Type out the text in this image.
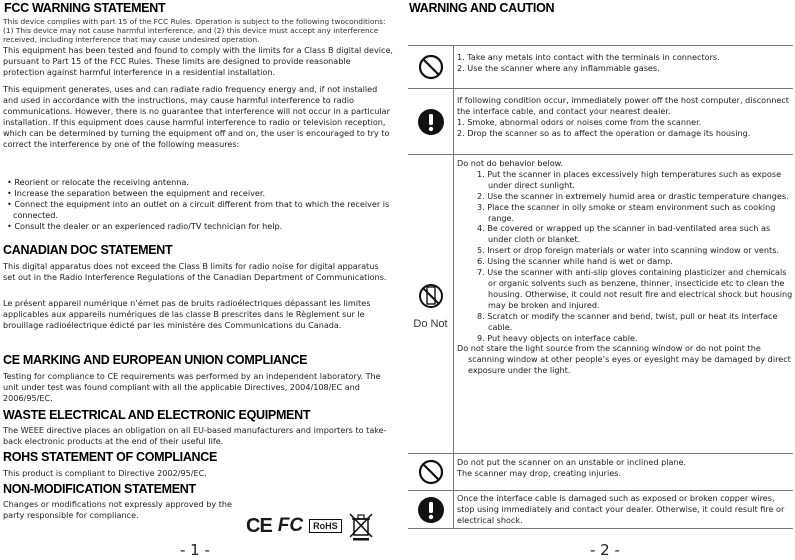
FCC WARNING STATEMENT
This device complies with part 15 of the FCC Rules. Operation is subject to the following twoconditions: (1) This device may not cause harmful interference, and (2) this device must accept any interference received, including interference that may cause undesired operation.
This equipment has been tested and found to comply with the limits for a Class B digital device, pursuant to Part 15 of the FCC Rules. These limits are designed to provide reasonable protection against harmful interference in a residential installation.
This equipment generates, uses and can radiate radio frequency energy and, if not installed and used in accordance with the instructions, may cause harmful interference to radio communications. However, there is no guarantee that interference will not occur in a particular installation. If this equipment does cause harmful interference to radio or television reception, which can be determined by turning the equipment off and on, the user is encouraged to try to correct the interference by one of the following measures:
• Reorient or relocate the receiving antenna.
• Increase the separation between the equipment and receiver.
• Connect the equipment into an outlet on a circuit different from that to which the receiver is connected.
• Consult the dealer or an experienced radio/TV technician for help.
CANADIAN DOC STATEMENT
This digital apparatus does not exceed the Class B limits for radio noise for digital apparatus set out in the Radio Interference Regulations of the Canadian Department of Communications.
Le présent appareil numérique n’émet pas de bruits radioélectriques dépassant les limites applicables aux appareils numériques de las classe B prescrites dans le Règlement sur le brouillage radioélectrique édicté par les ministère des Communications du Canada.
CE MARKING AND EUROPEAN UNION COMPLIANCE
Testing for compliance to CE requirements was performed by an independent laboratory. The unit under test was found compliant with all the applicable Directives, 2004/108/EC and 2006/95/EC.
WASTE ELECTRICAL AND ELECTRONIC EQUIPMENT
The WEEE directive places an obligation on all EU-based manufacturers and importers to take-back electronic products at the end of their useful life.
ROHS STATEMENT OF COMPLIANCE
This product is compliant to Directive 2002/95/EC.
NON-MODIFICATION STATEMENT
Changes or modifications not expressly approved by the party responsible for compliance.	CE FC	RoHS
- 1 -
WARNING AND CAUTION
1. Take any metals into contact with the terminals in connectors.
2. Use the scanner where any inflammable gases.
If following condition occur, immediately power off the host computer, disconnect the interface cable, and contact your nearest dealer.
1. Smoke, abnormal odors or noises come from the scanner.
2. Drop the scanner so as to affect the operation or damage its housing.
Do Not
Do not do behavior below.
1. Put the scanner in places excessively high temperatures such as expose under direct sunlight.
2. Use the scanner in extremely humid area or drastic temperature changes.
3. Place the scanner in oily smoke or steam environment such as cooking range.
4. Be covered or wrapped up the scanner in bad-ventilated area such as under cloth or blanket.
5. Insert or drop foreign materials or water into scanning window or vents.
6. Using the scanner while hand is wet or damp.
7. Use the scanner with anti-slip gloves containing plasticizer and chemicals or organic solvents such as benzene, thinner, insecticide etc to clean the housing. Otherwise, it could not result fire and electrical shock but housing may be broken and injured.
8. Scratch or modify the scanner and bend, twist, pull or heat its interface cable.
9. Put heavy objects on interface cable.
Do not stare the light source from the scanning window or do not point the scanning window at other people’s eyes or eyesight may be damaged by direct exposure under the light.
Do not put the scanner on an unstable or inclined plane.
The scanner may drop, creating injuries.
Once the interface cable is damaged such as exposed or broken copper wires, stop using immediately and contact your dealer. Otherwise, it could result fire or electrical shock.
- 2 -
